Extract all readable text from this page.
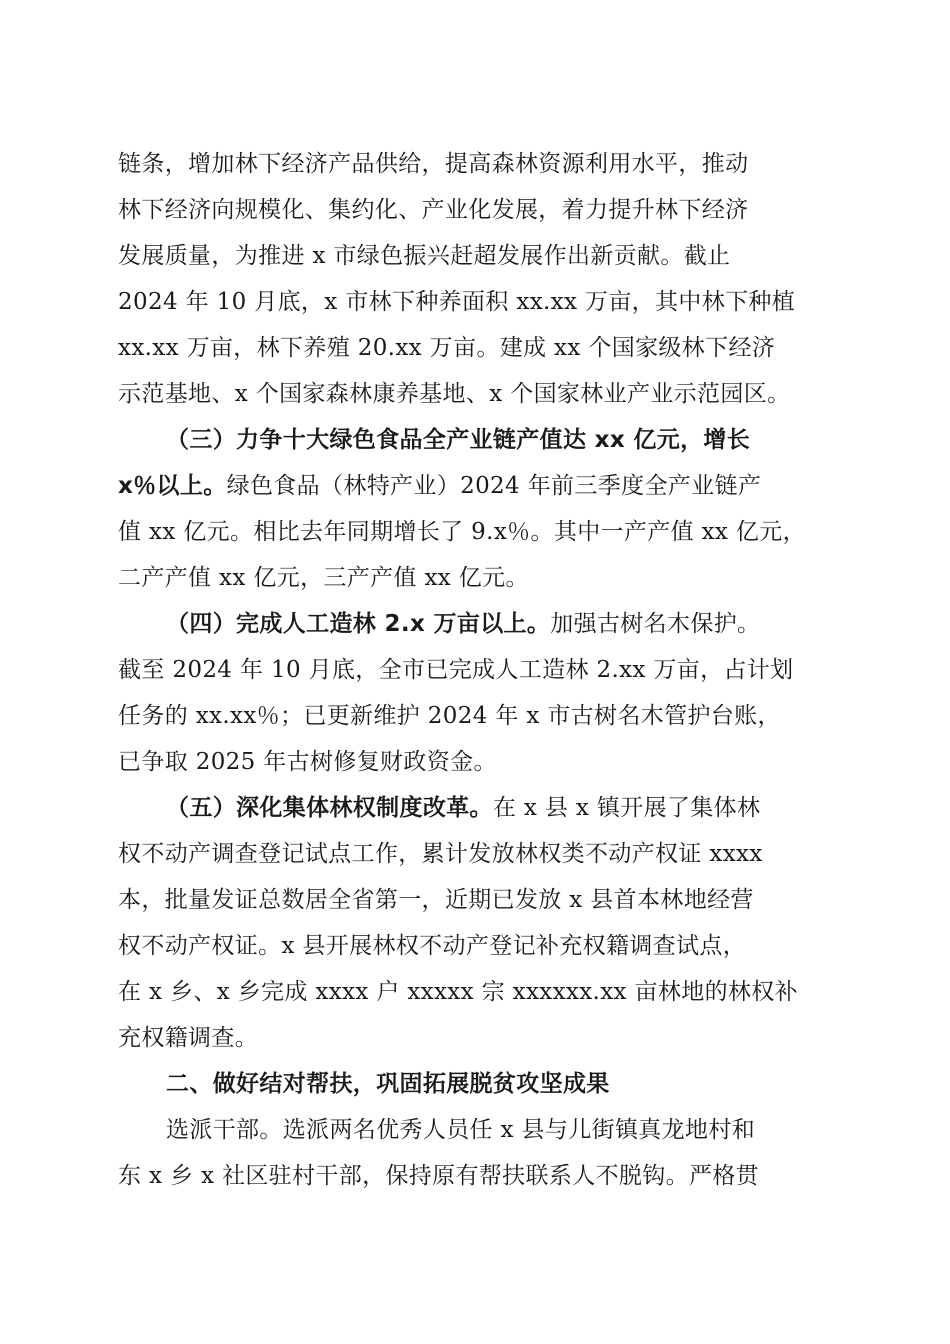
链条，增加林下经济产品供给，提高森林资源利用水平，推动
林下经济向规模化、集约化、产业化发展，着力提升林下经济
发展质量，为推进 x 市绿色振兴赶超发展作出新贡献。截止
2024 年 10 月底，x 市林下种养面积 xx.xx 万亩，其中林下种植
xx.xx 万亩，林下养殖 20.xx 万亩。建成 xx 个国家级林下经济
示范基地、x 个国家森林康养基地、x 个国家林业产业示范园区。
（三）力争十大绿色食品全产业链产值达 xx 亿元，增长
x％以上。绿色食品（林特产业）2024 年前三季度全产业链产
值 xx 亿元。相比去年同期增长了 9.x％。其中一产产值 xx 亿元，
二产产值 xx 亿元，三产产值 xx 亿元。
（四）完成人工造林 2.x 万亩以上。加强古树名木保护。
截至 2024 年 10 月底，全市已完成人工造林 2.xx 万亩，占计划
任务的 xx.xx％；已更新维护 2024 年 x 市古树名木管护台账，
已争取 2025 年古树修复财政资金。
（五）深化集体林权制度改革。在 x 县 x 镇开展了集体林
权不动产调查登记试点工作，累计发放林权类不动产权证 xxxx
本，批量发证总数居全省第一，近期已发放 x 县首本林地经营
权不动产权证。x 县开展林权不动产登记补充权籍调查试点，
在 x 乡、x 乡完成 xxxx 户 xxxxx 宗 xxxxxx.xx 亩林地的林权补
充权籍调查。
二、做好结对帮扶，巩固拓展脱贫攻坚成果
选派干部。选派两名优秀人员任 x 县与儿街镇真龙地村和
东 x 乡 x 社区驻村干部，保持原有帮扶联系人不脱钩。严格贯
